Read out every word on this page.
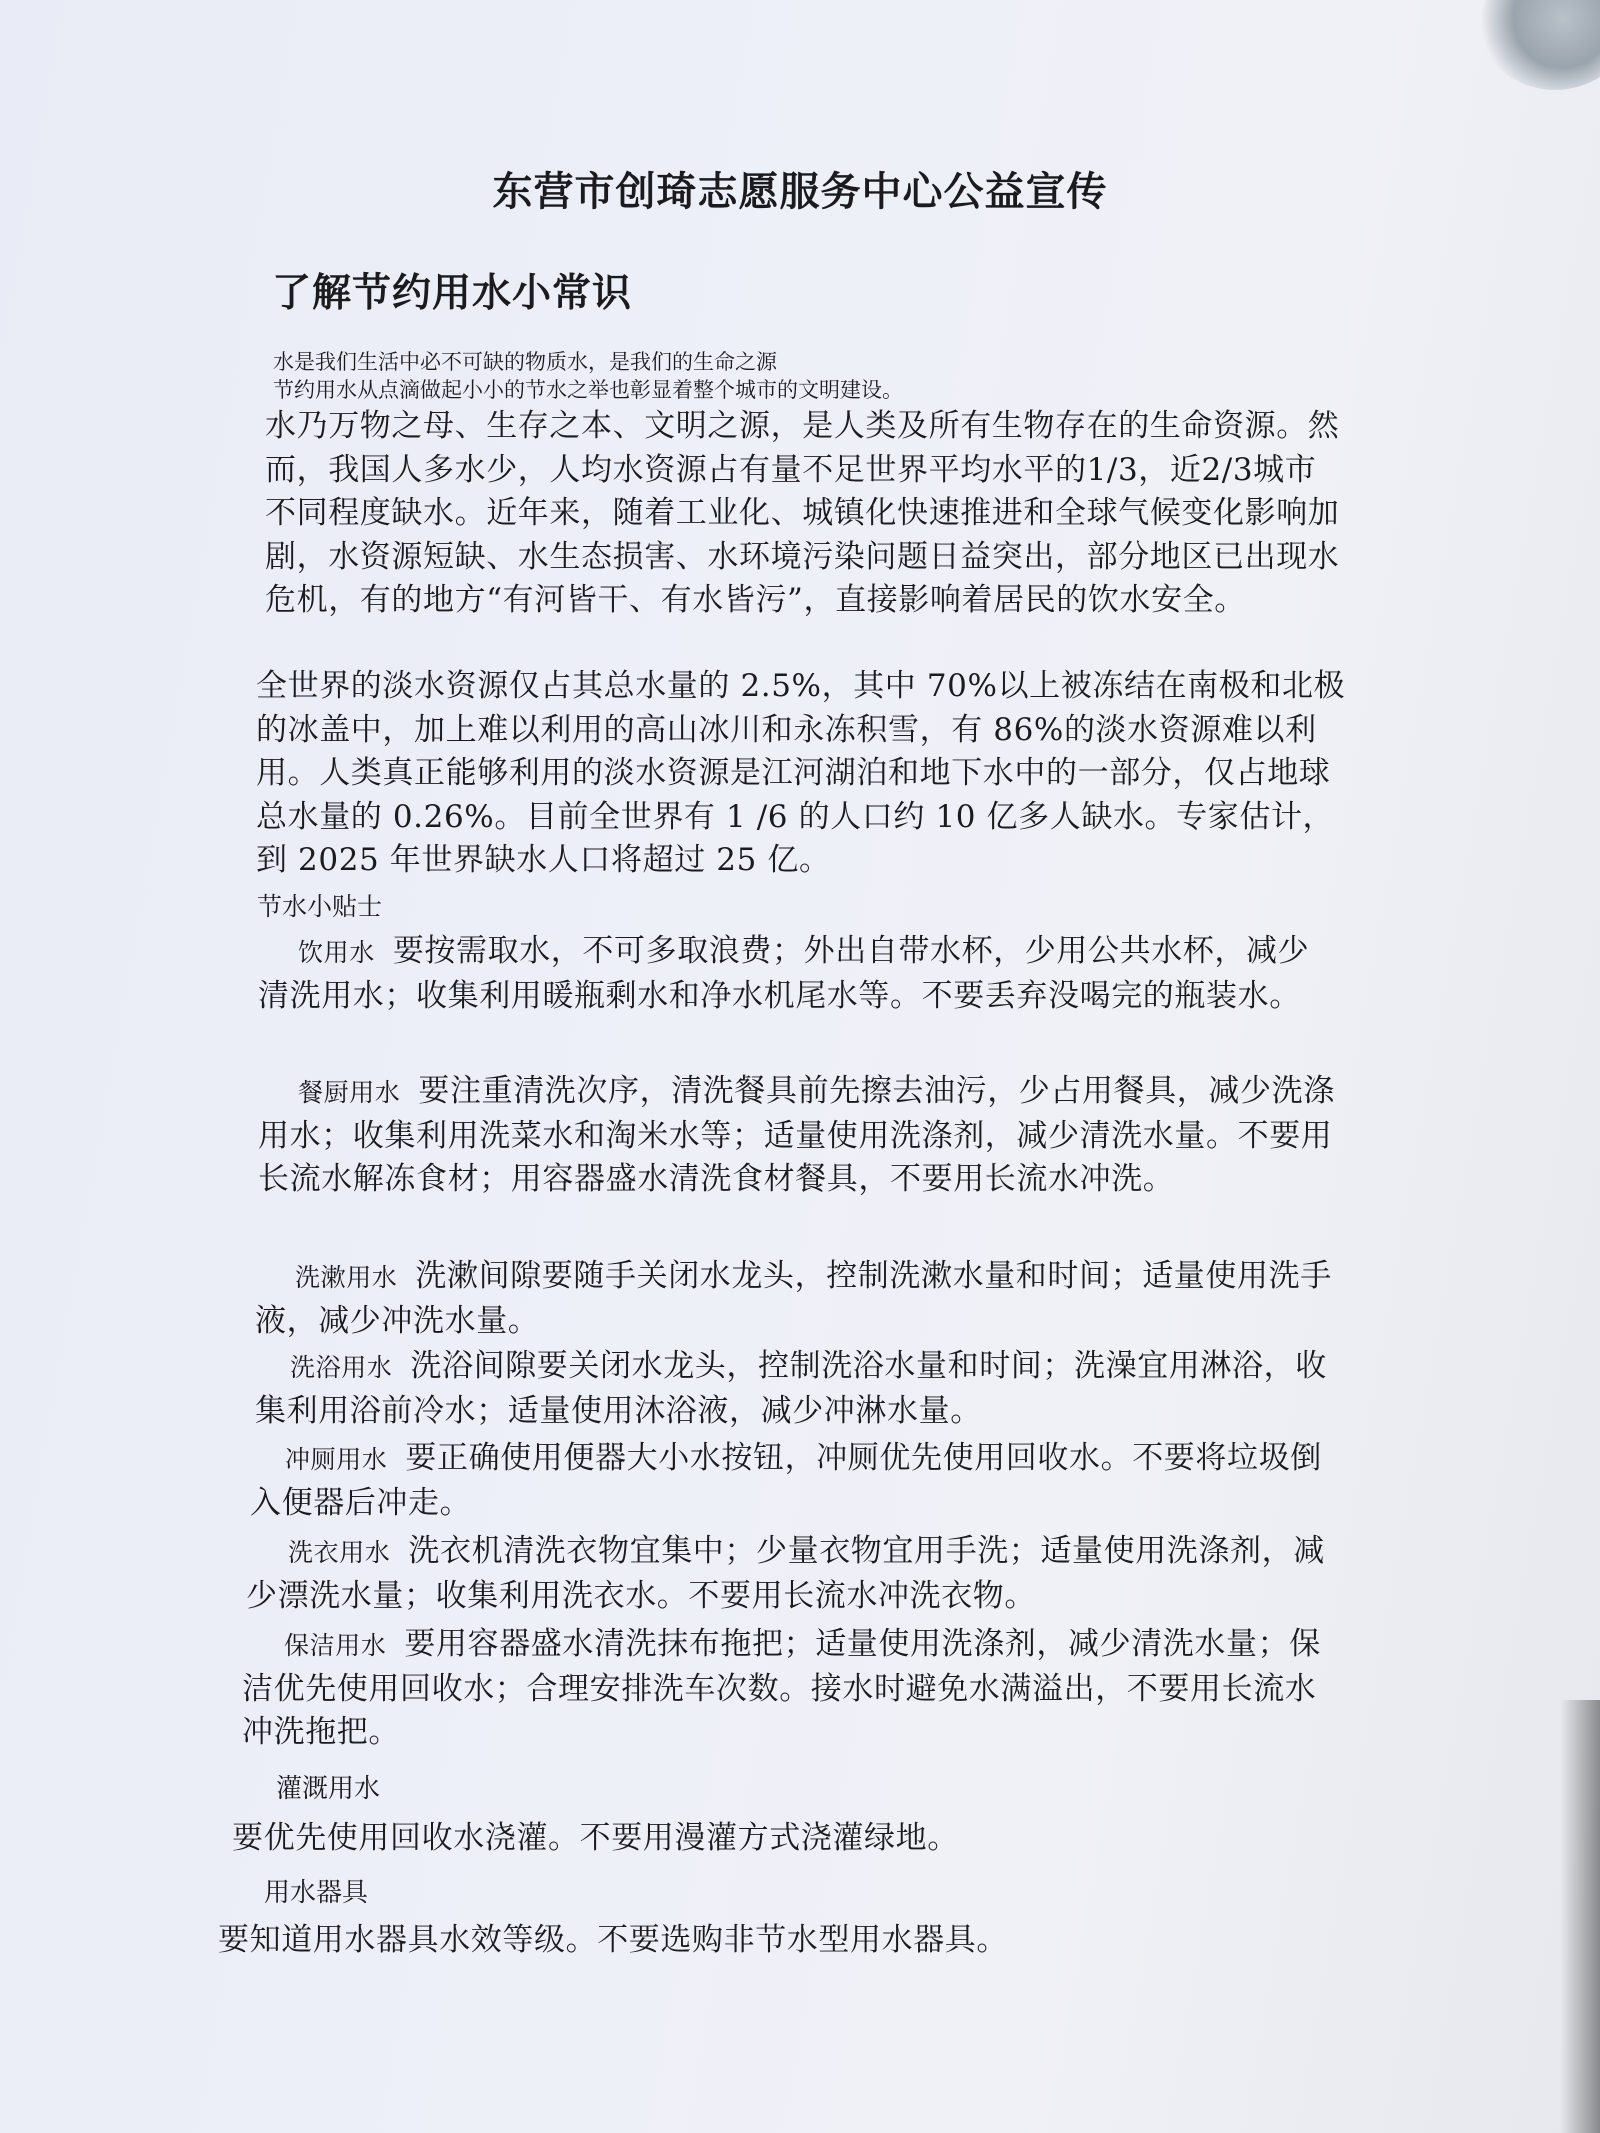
东营市创琦志愿服务中心公益宣传
了解节约用水小常识
水是我们生活中必不可缺的物质水，是我们的生命之源
节约用水从点滴做起小小的节水之举也彰显着整个城市的文明建设。
水乃万物之母、生存之本、文明之源，是人类及所有生物存在的生命资源。然而，我国人多水少，人均水资源占有量不足世界平均水平的1/3，近2/3城市不同程度缺水。近年来，随着工业化、城镇化快速推进和全球气候变化影响加剧，水资源短缺、水生态损害、水环境污染问题日益突出，部分地区已出现水危机，有的地方“有河皆干、有水皆污”，直接影响着居民的饮水安全。
全世界的淡水资源仅占其总水量的 2.5%，其中 70%以上被冻结在南极和北极的冰盖中，加上难以利用的高山冰川和永冻积雪，有 86%的淡水资源难以利用。人类真正能够利用的淡水资源是江河湖泊和地下水中的一部分，仅占地球总水量的 0.26%。目前全世界有 1 /6 的人口约 10 亿多人缺水。专家估计，到 2025 年世界缺水人口将超过 25 亿。
节水小贴士
饮用水 要按需取水，不可多取浪费；外出自带水杯，少用公共水杯，减少清洗用水；收集利用暖瓶剩水和净水机尾水等。不要丢弃没喝完的瓶装水。
餐厨用水 要注重清洗次序，清洗餐具前先擦去油污，少占用餐具，减少洗涤用水；收集利用洗菜水和淘米水等；适量使用洗涤剂，减少清洗水量。不要用长流水解冻食材；用容器盛水清洗食材餐具，不要用长流水冲洗。
洗漱用水 洗漱间隙要随手关闭水龙头，控制洗漱水量和时间；适量使用洗手液，减少冲洗水量。
洗浴用水 洗浴间隙要关闭水龙头，控制洗浴水量和时间；洗澡宜用淋浴，收集利用浴前冷水；适量使用沐浴液，减少冲淋水量。
冲厕用水 要正确使用便器大小水按钮，冲厕优先使用回收水。不要将垃圾倒入便器后冲走。
洗衣用水 洗衣机清洗衣物宜集中；少量衣物宜用手洗；适量使用洗涤剂，减少漂洗水量；收集利用洗衣水。不要用长流水冲洗衣物。
保洁用水 要用容器盛水清洗抹布拖把；适量使用洗涤剂，减少清洗水量；保洁优先使用回收水；合理安排洗车次数。接水时避免水满溢出，不要用长流水冲洗拖把。
灌溉用水
要优先使用回收水浇灌。不要用漫灌方式浇灌绿地。
用水器具
要知道用水器具水效等级。不要选购非节水型用水器具。
